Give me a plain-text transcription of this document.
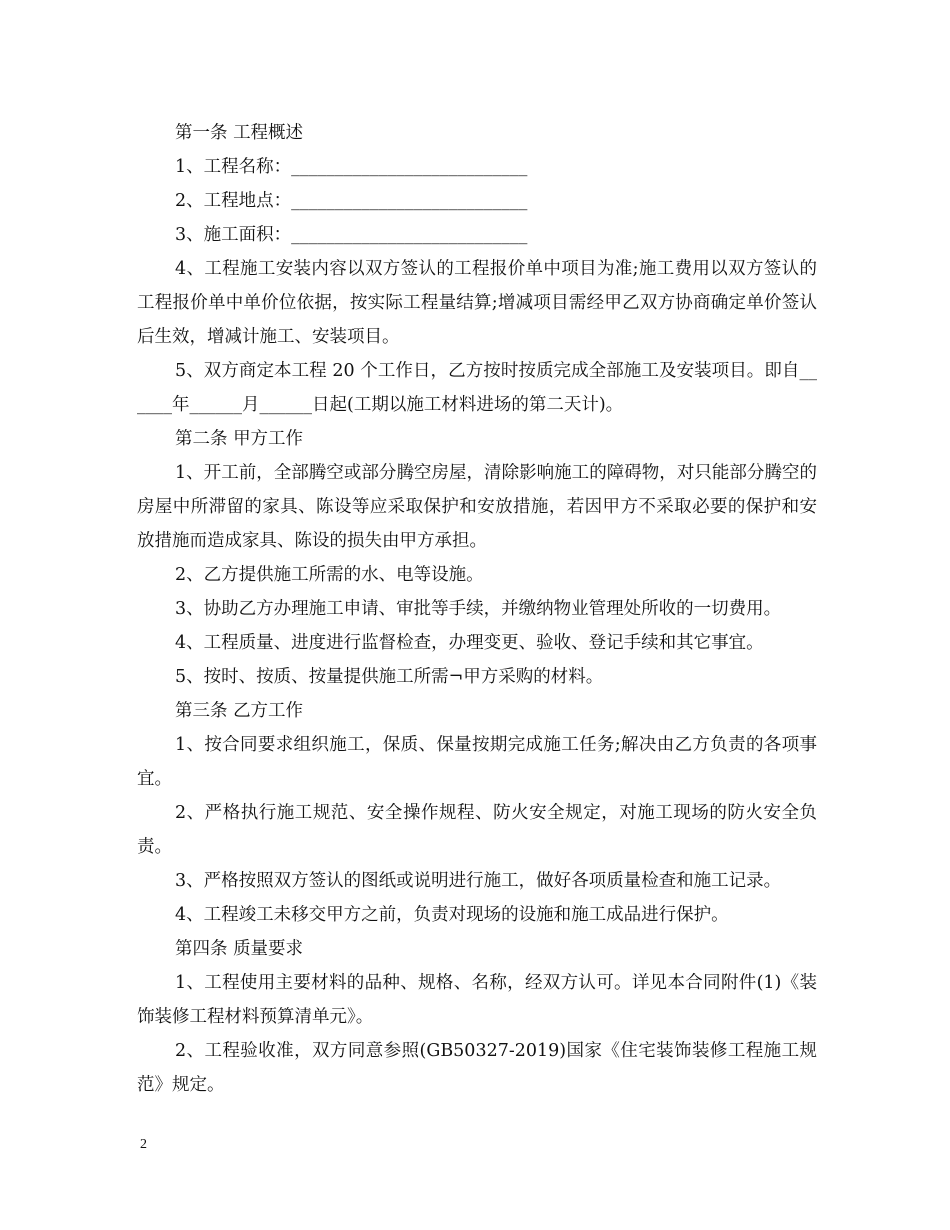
第一条 工程概述

1、工程名称：___________________________

2、工程地点：___________________________

3、施工面积：___________________________

4、工程施工安装内容以双方签认的工程报价单中项目为准;施工费用以双方签认的工程报价单中单价位依据，按实际工程量结算;增减项目需经甲乙双方协商确定单价签认后生效，增减计施工、安装项目。

5、双方商定本工程 20 个工作日，乙方按时按质完成全部施工及安装项目。即自______年______月______日起(工期以施工材料进场的第二天计)。

第二条 甲方工作

1、开工前，全部腾空或部分腾空房屋，清除影响施工的障碍物，对只能部分腾空的房屋中所滞留的家具、陈设等应采取保护和安放措施，若因甲方不采取必要的保护和安放措施而造成家具、陈设的损失由甲方承担。

2、乙方提供施工所需的水、电等设施。

3、协助乙方办理施工申请、审批等手续，并缴纳物业管理处所收的一切费用。

4、工程质量、进度进行监督检查，办理变更、验收、登记手续和其它事宜。

5、按时、按质、按量提供施工所需¬甲方采购的材料。

第三条 乙方工作

1、按合同要求组织施工，保质、保量按期完成施工任务;解决由乙方负责的各项事宜。

2、严格执行施工规范、安全操作规程、防火安全规定，对施工现场的防火安全负责。

3、严格按照双方签认的图纸或说明进行施工，做好各项质量检查和施工记录。

4、工程竣工未移交甲方之前，负责对现场的设施和施工成品进行保护。

第四条 质量要求

1、工程使用主要材料的品种、规格、名称，经双方认可。详见本合同附件(1)《装饰装修工程材料预算清单元》。

2、工程验收准，双方同意参照(GB50327-2019)国家《住宅装饰装修工程施工规范》规定。

2
